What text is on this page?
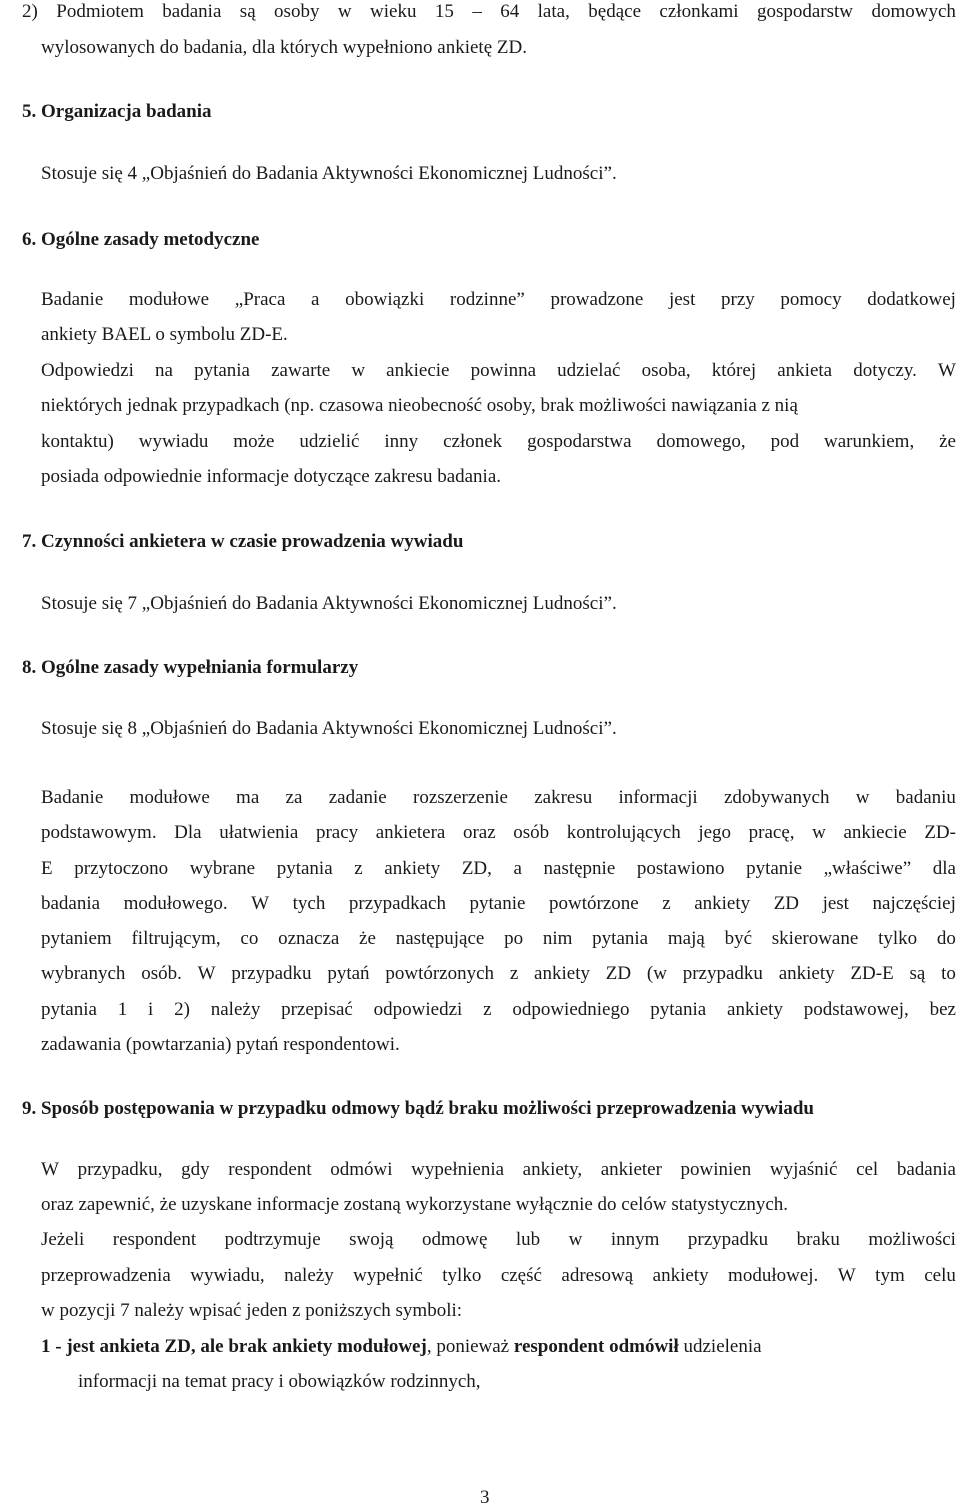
2) Podmiotem badania są osoby w wieku 15 – 64 lata, będące członkami gospodarstw domowych
wylosowanych do badania, dla których wypełniono ankietę ZD.
5. Organizacja badania
Stosuje się 4 „Objaśnień do Badania Aktywności Ekonomicznej Ludności”.
6. Ogólne zasady metodyczne
Badanie modułowe „Praca a obowiązki rodzinne” prowadzone jest przy pomocy dodatkowej
ankiety BAEL o symbolu ZD-E.
Odpowiedzi na pytania zawarte w ankiecie powinna udzielać osoba, której ankieta dotyczy. W
niektórych jednak przypadkach (np. czasowa nieobecność osoby, brak możliwości nawiązania z nią
kontaktu) wywiadu może udzielić inny członek gospodarstwa domowego, pod warunkiem, że
posiada odpowiednie informacje dotyczące zakresu badania.
7. Czynności ankietera w czasie prowadzenia wywiadu
Stosuje się 7 „Objaśnień do Badania Aktywności Ekonomicznej Ludności”.
8. Ogólne zasady wypełniania formularzy
Stosuje się 8 „Objaśnień do Badania Aktywności Ekonomicznej Ludności”.
Badanie modułowe ma za zadanie rozszerzenie zakresu informacji zdobywanych w badaniu
podstawowym. Dla ułatwienia pracy ankietera oraz osób kontrolujących jego pracę, w ankiecie ZD-
E przytoczono wybrane pytania z ankiety ZD, a następnie postawiono pytanie „właściwe” dla
badania modułowego. W tych przypadkach pytanie powtórzone z ankiety ZD jest najczęściej
pytaniem filtrującym, co oznacza że następujące po nim pytania mają być skierowane tylko do
wybranych osób. W przypadku pytań powtórzonych z ankiety ZD (w przypadku ankiety ZD-E są to
pytania 1 i 2) należy przepisać odpowiedzi z odpowiedniego pytania ankiety podstawowej, bez
zadawania (powtarzania) pytań respondentowi.
9. Sposób postępowania w przypadku odmowy bądź braku możliwości przeprowadzenia wywiadu
W przypadku, gdy respondent odmówi wypełnienia ankiety, ankieter powinien wyjaśnić cel badania
oraz zapewnić, że uzyskane informacje zostaną wykorzystane wyłącznie do celów statystycznych.
Jeżeli respondent podtrzymuje swoją odmowę lub w innym przypadku braku możliwości
przeprowadzenia wywiadu, należy wypełnić tylko część adresową ankiety modułowej. W tym celu
w pozycji 7 należy wpisać jeden z poniższych symboli:
1 - jest ankieta ZD, ale brak ankiety modułowej, ponieważ respondent odmówił udzielenia
informacji na temat pracy i obowiązków rodzinnych,
3
